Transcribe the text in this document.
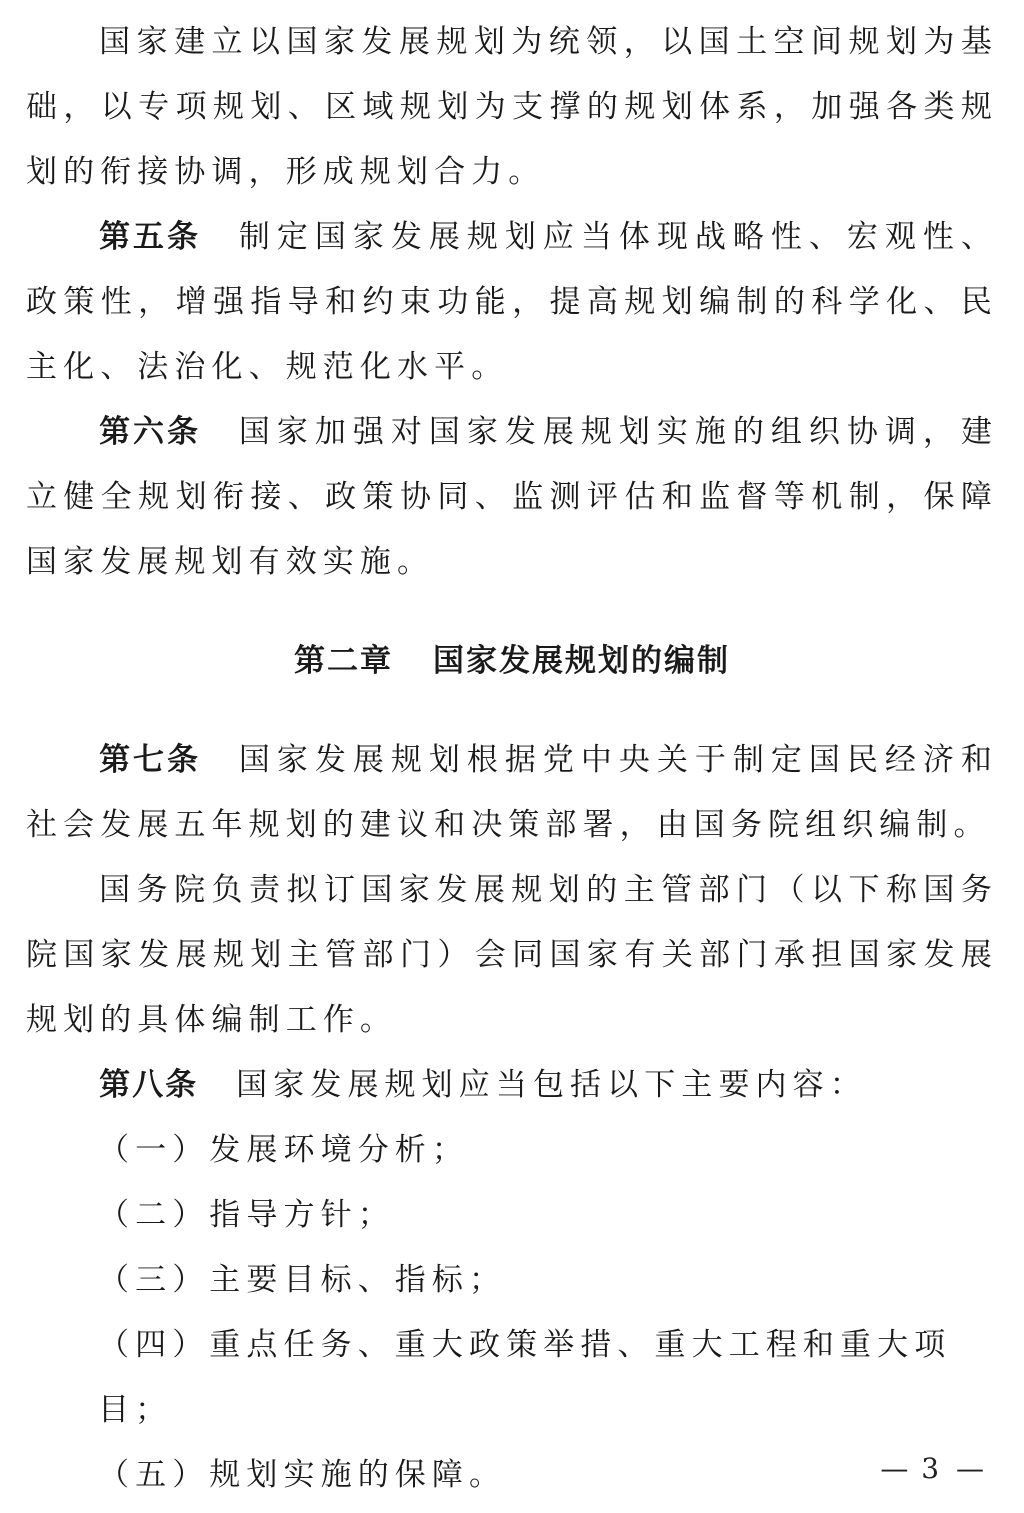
国家建立以国家发展规划为统领，以国土空间规划为基础，以专项规划、区域规划为支撑的规划体系，加强各类规划的衔接协调，形成规划合力。

第五条 制定国家发展规划应当体现战略性、宏观性、政策性，增强指导和约束功能，提高规划编制的科学化、民主化、法治化、规范化水平。

第六条 国家加强对国家发展规划实施的组织协调，建立健全规划衔接、政策协同、监测评估和监督等机制，保障国家发展规划有效实施。

第二章 国家发展规划的编制

第七条 国家发展规划根据党中央关于制定国民经济和社会发展五年规划的建议和决策部署，由国务院组织编制。

国务院负责拟订国家发展规划的主管部门（以下称国务院国家发展规划主管部门）会同国家有关部门承担国家发展规划的具体编制工作。

第八条 国家发展规划应当包括以下主要内容：

（一）发展环境分析；

（二）指导方针；

（三）主要目标、指标；

（四）重点任务、重大政策举措、重大工程和重大项目；

（五）规划实施的保障。	— 3 —
